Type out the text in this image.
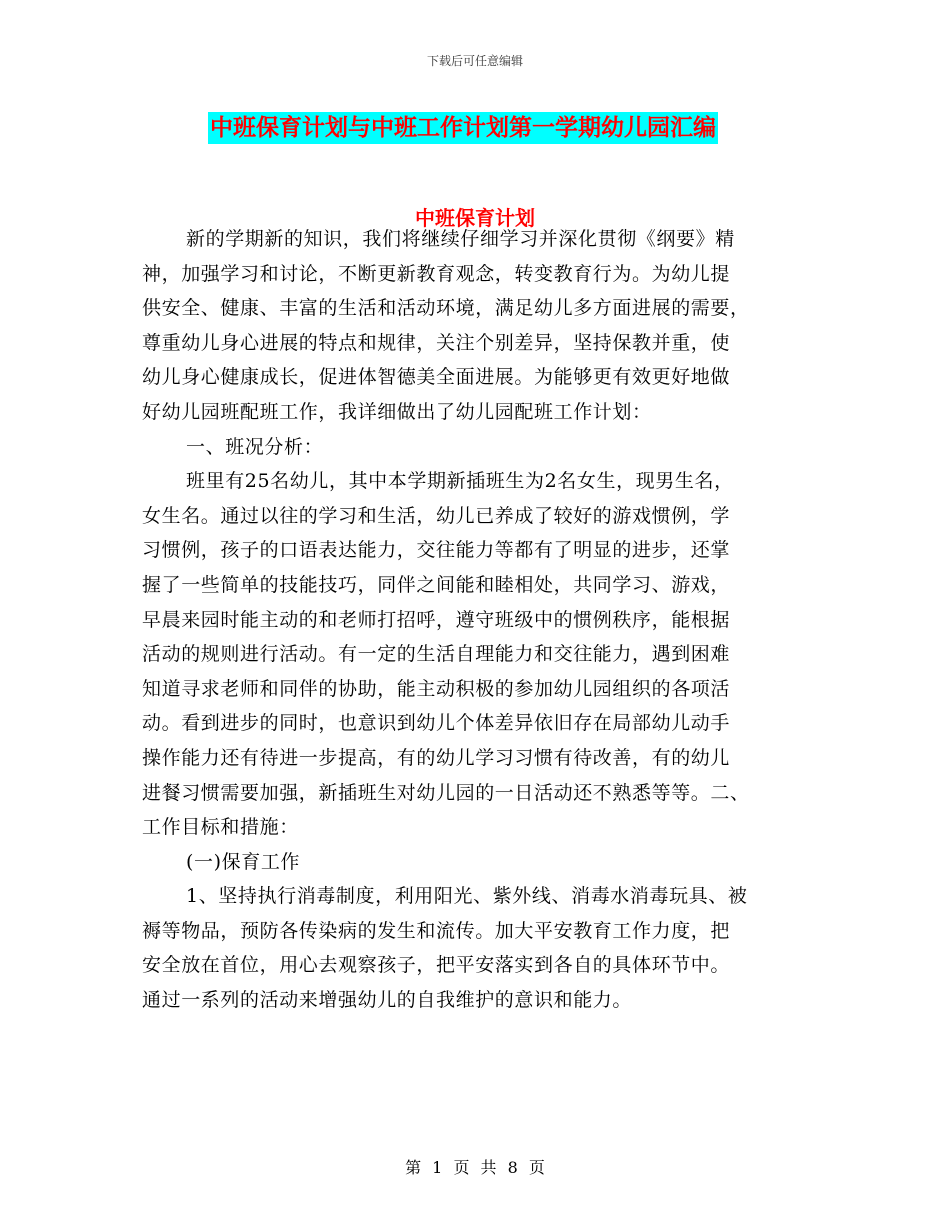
下载后可任意编辑
中班保育计划与中班工作计划第一学期幼儿园汇编
中班保育计划
新的学期新的知识，我们将继续仔细学习并深化贯彻《纲要》精
神，加强学习和讨论，不断更新教育观念，转变教育行为。为幼儿提
供安全、健康、丰富的生活和活动环境，满足幼儿多方面进展的需要，
尊重幼儿身心进展的特点和规律，关注个别差异，坚持保教并重，使
幼儿身心健康成长，促进体智德美全面进展。为能够更有效更好地做
好幼儿园班配班工作，我详细做出了幼儿园配班工作计划：
一、班况分析：
班里有25名幼儿，其中本学期新插班生为2名女生，现男生名，
女生名。通过以往的学习和生活，幼儿已养成了较好的游戏惯例，学
习惯例，孩子的口语表达能力，交往能力等都有了明显的进步，还掌
握了一些简单的技能技巧，同伴之间能和睦相处，共同学习、游戏，
早晨来园时能主动的和老师打招呼，遵守班级中的惯例秩序，能根据
活动的规则进行活动。有一定的生活自理能力和交往能力，遇到困难
知道寻求老师和同伴的协助，能主动积极的参加幼儿园组织的各项活
动。看到进步的同时，也意识到幼儿个体差异依旧存在局部幼儿动手
操作能力还有待进一步提高，有的幼儿学习习惯有待改善，有的幼儿
进餐习惯需要加强，新插班生对幼儿园的一日活动还不熟悉等等。二、
工作目标和措施：
(一)保育工作
1、坚持执行消毒制度，利用阳光、紫外线、消毒水消毒玩具、被
褥等物品，预防各传染病的发生和流传。加大平安教育工作力度，把
安全放在首位，用心去观察孩子，把平安落实到各自的具体环节中。
通过一系列的活动来增强幼儿的自我维护的意识和能力。
第 1 页 共 8 页
